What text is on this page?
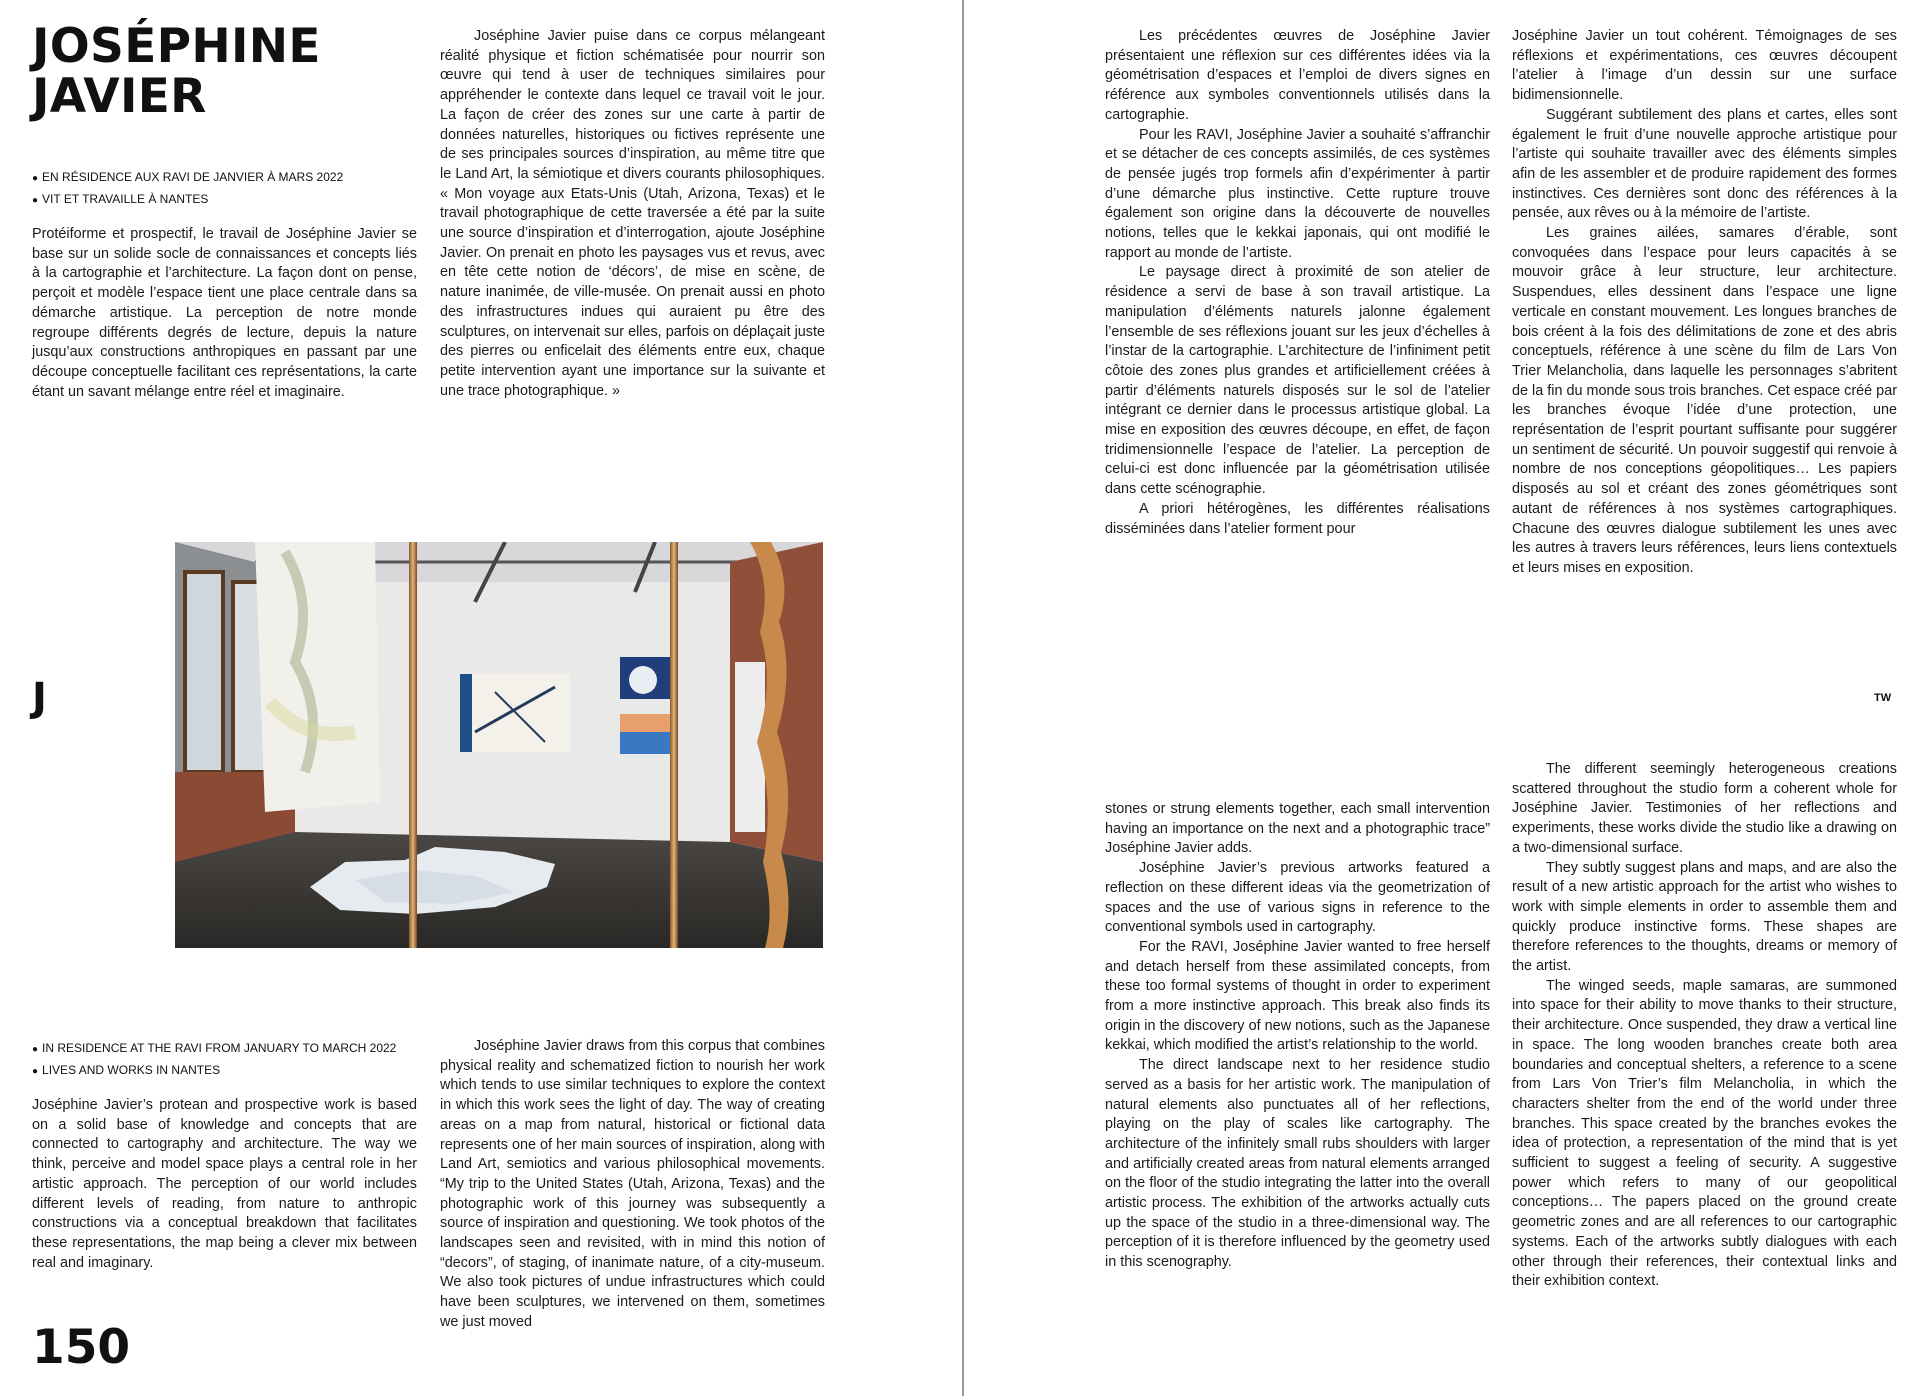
JOSÉPHINE
JAVIER
● EN RÉSIDENCE AUX RAVI DE JANVIER À MARS 2022
● VIT ET TRAVAILLE À NANTES

Protéiforme et prospectif, le travail de Joséphine Javier se base sur un solide socle de connaissances et concepts liés à la cartographie et l’architecture. La façon dont on pense, perçoit et modèle l’espace tient une place centrale dans sa démarche artistique. La perception de notre monde regroupe différents degrés de lecture, depuis la nature jusqu’aux constructions anthropiques en passant par une découpe conceptuelle facilitant ces représentations, la carte étant un savant mélange entre réel et imaginaire.

Joséphine Javier puise dans ce corpus mélangeant réalité physique et fiction schématisée pour nourrir son œuvre qui tend à user de techniques similaires pour appréhender le contexte dans lequel ce travail voit le jour. La façon de créer des zones sur une carte à partir de données naturelles, historiques ou fictives représente une de ses principales sources d’inspiration, au même titre que le Land Art, la sémiotique et divers courants philosophiques. « Mon voyage aux Etats-Unis (Utah, Arizona, Texas) et le travail photographique de cette traversée a été par la suite une source d’inspiration et d’interrogation, ajoute Joséphine Javier. On prenait en photo les paysages vus et revus, avec en tête cette notion de ‘décors’, de mise en scène, de nature inanimée, de ville-musée. On prenait aussi en photo des infrastructures indues qui auraient pu être des sculptures, on intervenait sur elles, parfois on déplaçait juste des pierres ou enficelait des éléments entre eux, chaque petite intervention ayant une importance sur la suivante et une trace photographique. »

J
● IN RESIDENCE AT THE RAVI FROM JANUARY TO MARCH 2022
● LIVES AND WORKS IN NANTES

Joséphine Javier’s protean and prospective work is based on a solid base of knowledge and concepts that are connected to cartography and architecture. The way we think, perceive and model space plays a central role in her artistic approach. The perception of our world includes different levels of reading, from nature to anthropic constructions via a conceptual breakdown that facilitates these representations, the map being a clever mix between real and imaginary.

Joséphine Javier draws from this corpus that combines physical reality and schematized fiction to nourish her work which tends to use similar techniques to explore the context in which this work sees the light of day. The way of creating areas on a map from natural, historical or fictional data represents one of her main sources of inspiration, along with Land Art, semiotics and various philosophical movements. “My trip to the United States (Utah, Arizona, Texas) and the photographic work of this journey was subsequently a source of inspiration and questioning. We took photos of the landscapes seen and revisited, with in mind this notion of “decors”, of staging, of inanimate nature, of a city-museum. We also took pictures of undue infrastructures which could have been sculptures, we intervened on them, sometimes we just moved

150

Les précédentes œuvres de Joséphine Javier présentaient une réflexion sur ces différentes idées via la géométrisation d’espaces et l’emploi de divers signes en référence aux symboles conventionnels utilisés dans la cartographie.

Pour les RAVI, Joséphine Javier a souhaité s’affranchir et se détacher de ces concepts assimilés, de ces systèmes de pensée jugés trop formels afin d’expérimenter à partir d’une démarche plus instinctive. Cette rupture trouve également son origine dans la découverte de nouvelles notions, telles que le kekkai japonais, qui ont modifié le rapport au monde de l’artiste.

Le paysage direct à proximité de son atelier de résidence a servi de base à son travail artistique. La manipulation d’éléments naturels jalonne également l’ensemble de ses réflexions jouant sur les jeux d’échelles à l’instar de la cartographie. L’architecture de l’infiniment petit côtoie des zones plus grandes et artificiellement créées à partir d’éléments naturels disposés sur le sol de l’atelier intégrant ce dernier dans le processus artistique global. La mise en exposition des œuvres découpe, en effet, de façon tridimensionnelle l’espace de l’atelier. La perception de celui-ci est donc influencée par la géométrisation utilisée dans cette scénographie.

A priori hétérogènes, les différentes réalisations disséminées dans l’atelier forment pour

Joséphine Javier un tout cohérent. Témoignages de ses réflexions et expérimentations, ces œuvres découpent l’atelier à l’image d’un dessin sur une surface bidimensionnelle.

Suggérant subtilement des plans et cartes, elles sont également le fruit d’une nouvelle approche artistique pour l’artiste qui souhaite travailler avec des éléments simples afin de les assembler et de produire rapidement des formes instinctives. Ces dernières sont donc des références à la pensée, aux rêves ou à la mémoire de l’artiste.

Les graines ailées, samares d’érable, sont convoquées dans l’espace pour leurs capacités à se mouvoir grâce à leur structure, leur architecture. Suspendues, elles dessinent dans l’espace une ligne verticale en constant mouvement. Les longues branches de bois créent à la fois des délimitations de zone et des abris conceptuels, référence à une scène du film de Lars Von Trier Melancholia, dans laquelle les personnages s’abritent de la fin du monde sous trois branches. Cet espace créé par les branches évoque l’idée d’une protection, une représentation de l’esprit pourtant suffisante pour suggérer un sentiment de sécurité. Un pouvoir suggestif qui renvoie à nombre de nos conceptions géopolitiques… Les papiers disposés au sol et créant des zones géométriques sont autant de références à nos systèmes cartographiques. Chacune des œuvres dialogue subtilement les unes avec les autres à travers leurs références, leurs liens contextuels et leurs mises en exposition.

TW

stones or strung elements together, each small intervention having an importance on the next and a photographic trace” Joséphine Javier adds.

Joséphine Javier’s previous artworks featured a reflection on these different ideas via the geometrization of spaces and the use of various signs in reference to the conventional symbols used in cartography.

For the RAVI, Joséphine Javier wanted to free herself and detach herself from these assimilated concepts, from these too formal systems of thought in order to experiment from a more instinctive approach. This break also finds its origin in the discovery of new notions, such as the Japanese kekkai, which modified the artist’s relationship to the world.

The direct landscape next to her residence studio served as a basis for her artistic work. The manipulation of natural elements also punctuates all of her reflections, playing on the play of scales like cartography. The architecture of the infinitely small rubs shoulders with larger and artificially created areas from natural elements arranged on the floor of the studio integrating the latter into the overall artistic process. The exhibition of the artworks actually cuts up the space of the studio in a three-dimensional way. The perception of it is therefore influenced by the geometry used in this scenography.

The different seemingly heterogeneous creations scattered throughout the studio form a coherent whole for Joséphine Javier. Testimonies of her reflections and experiments, these works divide the studio like a drawing on a two-dimensional surface.

They subtly suggest plans and maps, and are also the result of a new artistic approach for the artist who wishes to work with simple elements in order to assemble them and quickly produce instinctive forms. These shapes are therefore references to the thoughts, dreams or memory of the artist.

The winged seeds, maple samaras, are summoned into space for their ability to move thanks to their structure, their architecture. Once suspended, they draw a vertical line in space. The long wooden branches create both area boundaries and conceptual shelters, a reference to a scene from Lars Von Trier’s film Melancholia, in which the characters shelter from the end of the world under three branches. This space created by the branches evokes the idea of protection, a representation of the mind that is yet sufficient to suggest a feeling of security. A suggestive power which refers to many of our geopolitical conceptions… The papers placed on the ground create geometric zones and are all references to our cartographic systems. Each of the artworks subtly dialogues with each other through their references, their contextual links and their exhibition context.
